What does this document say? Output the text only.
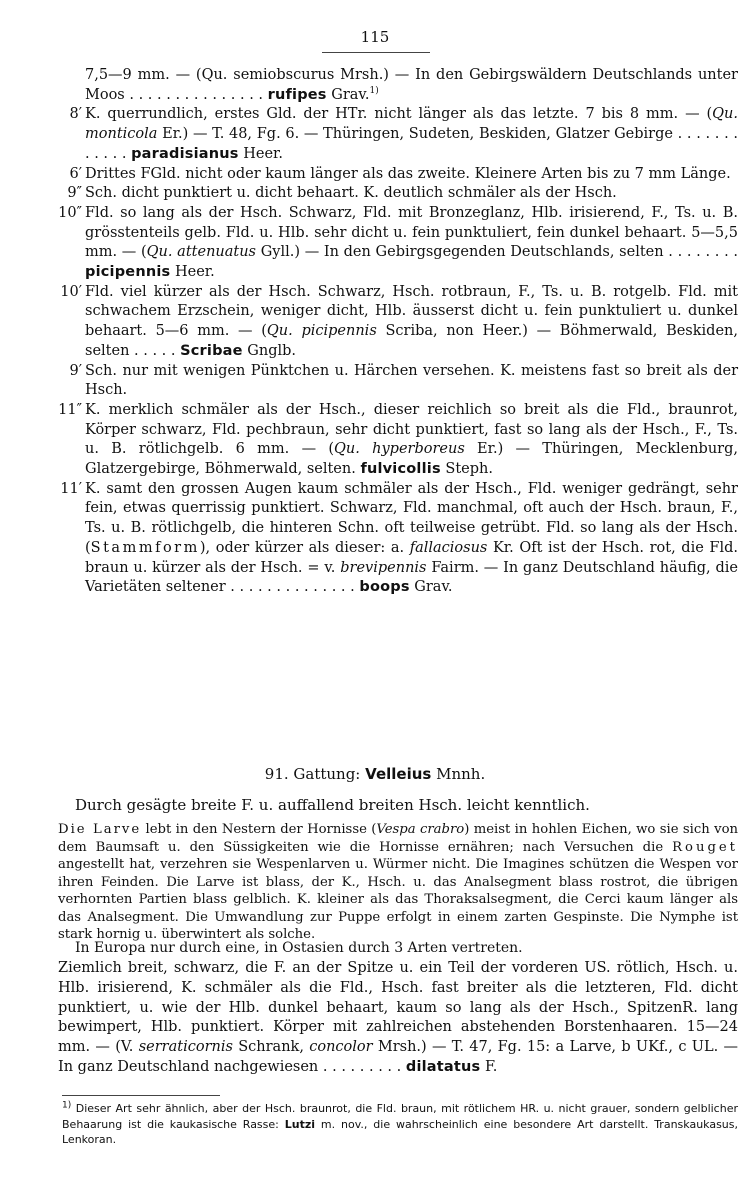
115
7,5—9 mm. — (Qu. semiobscurus Mrsh.) — In den Gebirgswäldern Deutschlands unter Moos . . . . . . . . . . . . . . . rufipes Grav.$^{1)}$
8′ K. querrundlich, erstes Gld. der HTr. nicht länger als das letzte. 7 bis 8 mm. — (Qu. monticola Er.) — T. 48, Fg. 6. — Thüringen, Sudeten, Beskiden, Glatzer Gebirge . . . . . . . . . . . . paradisianus Heer.
6′ Drittes FGld. nicht oder kaum länger als das zweite. Kleinere Arten bis zu 7 mm Länge.
9″ Sch. dicht punktiert u. dicht behaart. K. deutlich schmäler als der Hsch.
10″ Fld. so lang als der Hsch. Schwarz, Fld. mit Bronzeglanz, Hlb. irisierend, F., Ts. u. B. grösstenteils gelb. Fld. u. Hlb. sehr dicht u. fein punktuliert, fein dunkel behaart. 5—5,5 mm. — (Qu. attenuatus Gyll.) — In den Gebirgsgegenden Deutschlands, selten . . . . . . . . picipennis Heer.
10′ Fld. viel kürzer als der Hsch. Schwarz, Hsch. rotbraun, F., Ts. u. B. rotgelb. Fld. mit schwachem Erzschein, weniger dicht, Hlb. äusserst dicht u. fein punktuliert u. dunkel behaart. 5—6 mm. — (Qu. picipennis Scriba, non Heer.) — Böhmerwald, Beskiden, selten . . . . . Scribae Gnglb.
9′ Sch. nur mit wenigen Pünktchen u. Härchen versehen. K. meistens fast so breit als der Hsch.
11″ K. merklich schmäler als der Hsch., dieser reichlich so breit als die Fld., braunrot, Körper schwarz, Fld. pechbraun, sehr dicht punktiert, fast so lang als der Hsch., F., Ts. u. B. rötlichgelb. 6 mm. — (Qu. hyperboreus Er.) — Thüringen, Mecklenburg, Glatzergebirge, Böhmerwald, selten. fulvicollis Steph.
11′ K. samt den grossen Augen kaum schmäler als der Hsch., Fld. weniger gedrängt, sehr fein, etwas querrissig punktiert. Schwarz, Fld. manchmal, oft auch der Hsch. braun, F., Ts. u. B. rötlichgelb, die hinteren Schn. oft teilweise getrübt. Fld. so lang als der Hsch. (Stammform), oder kürzer als dieser: a. fallaciosus Kr. Oft ist der Hsch. rot, die Fld. braun u. kürzer als der Hsch. = v. brevipennis Fairm. — In ganz Deutschland häufig, die Varietäten seltener . . . . . . . . . . . . . . boops Grav.
91. Gattung: Velleius Mnnh.
Durch gesägte breite F. u. auffallend breiten Hsch. leicht kenntlich.
Die Larve lebt in den Nestern der Hornisse (Vespa crabro) meist in hohlen Eichen, wo sie sich von dem Baumsaft u. den Süssigkeiten wie die Hornisse ernähren; nach Versuchen die Rouget angestellt hat, verzehren sie Wespenlarven u. Würmer nicht. Die Imagines schützen die Wespen vor ihren Feinden. Die Larve ist blass, der K., Hsch. u. das Analsegment blass rostrot, die übrigen verhornten Partien blass gelblich. K. kleiner als das Thoraksalsegment, die Cerci kaum länger als das Analsegment. Die Umwandlung zur Puppe erfolgt in einem zarten Gespinste. Die Nymphe ist stark hornig u. überwintert als solche.
In Europa nur durch eine, in Ostasien durch 3 Arten vertreten.
Ziemlich breit, schwarz, die F. an der Spitze u. ein Teil der vorderen US. rötlich, Hsch. u. Hlb. irisierend, K. schmäler als die Fld., Hsch. fast breiter als die letzteren, Fld. dicht punktiert, u. wie der Hlb. dunkel behaart, kaum so lang als der Hsch., SpitzenR. lang bewimpert, Hlb. punktiert. Körper mit zahlreichen abstehenden Borstenhaaren. 15—24 mm. — (V. serraticornis Schrank, concolor Mrsh.) — T. 47, Fg. 15: a Larve, b UKf., c UL. — In ganz Deutschland nachgewiesen . . . . . . . . . dilatatus F.
$^{1)}$ Dieser Art sehr ähnlich, aber der Hsch. braunrot, die Fld. braun, mit rötlichem HR. u. nicht grauer, sondern gelblicher Behaarung ist die kaukasische Rasse: Lutzi m. nov., die wahrscheinlich eine besondere Art darstellt. Transkaukasus, Lenkoran.
